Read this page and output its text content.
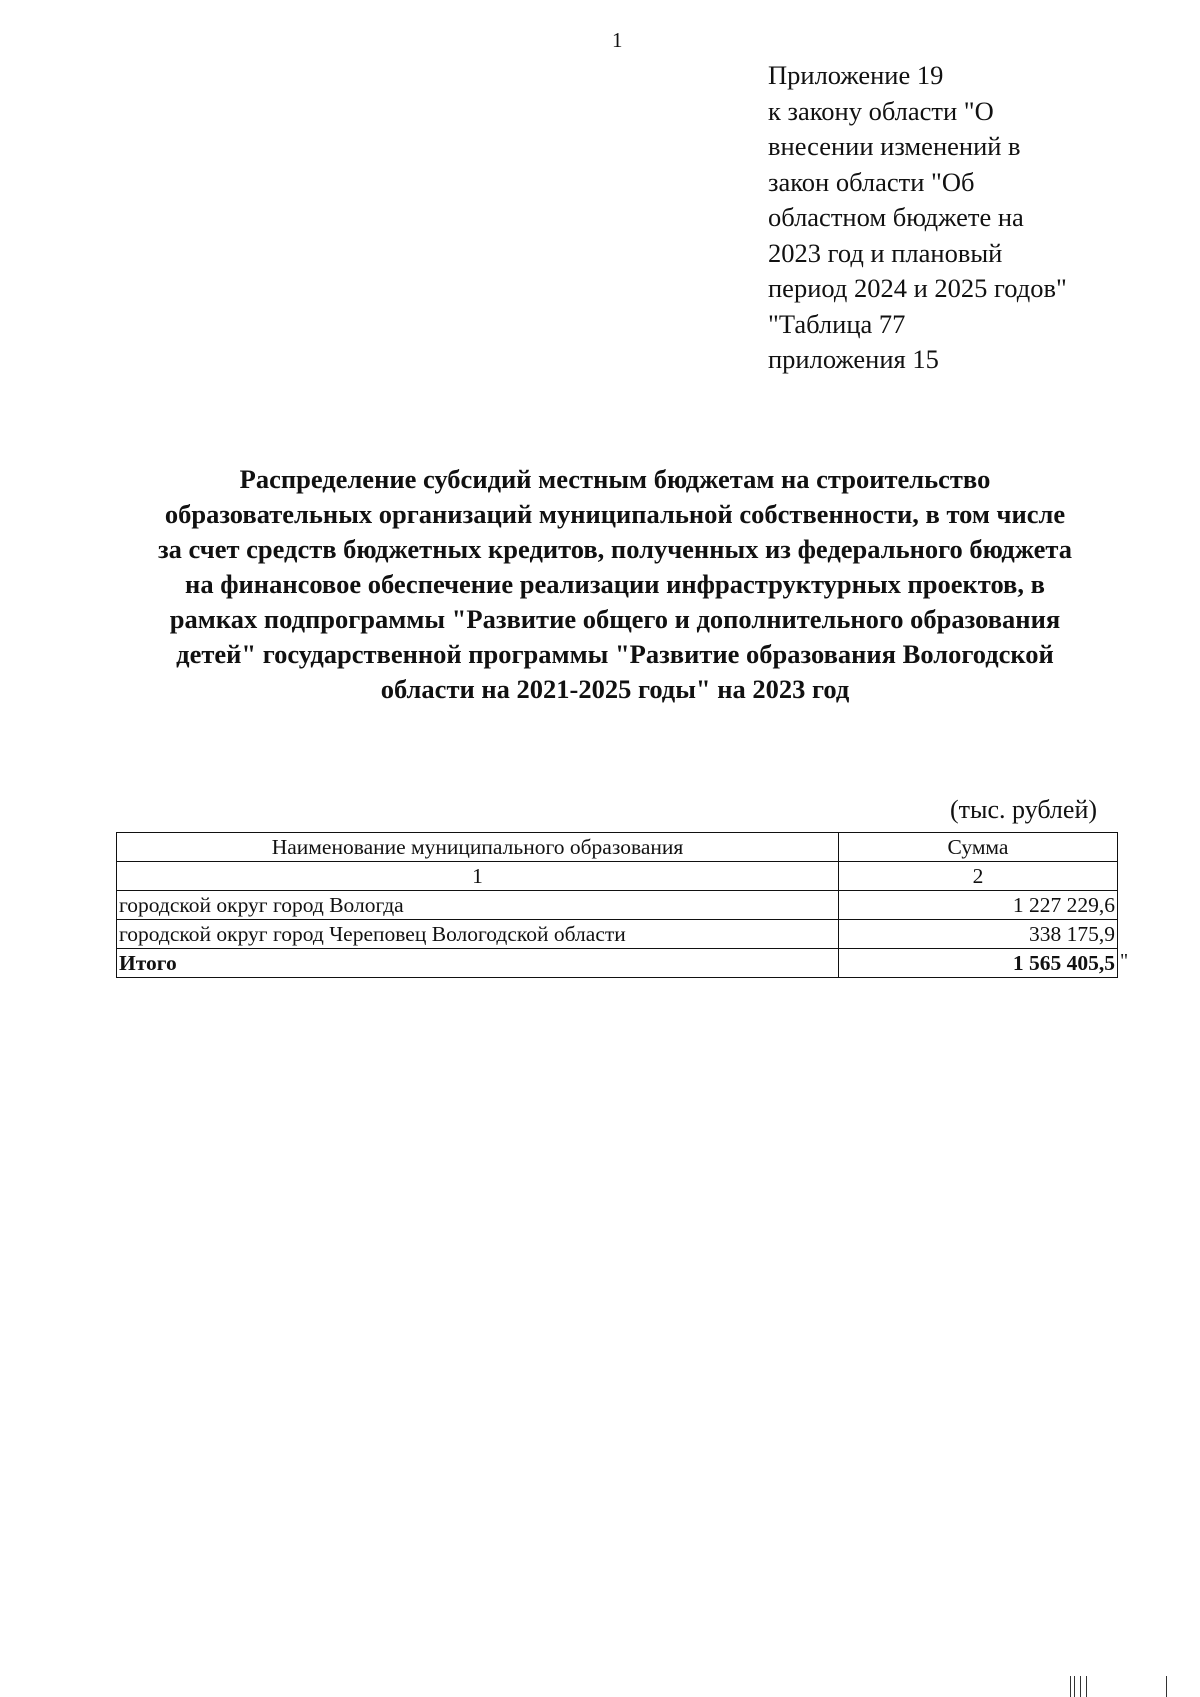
1
Приложение 19
к закону области "О
внесении изменений в
закон области "Об
областном бюджете на
2023 год и плановый
период 2024 и 2025 годов"
"Таблица 77
приложения 15
Распределение субсидий местным бюджетам на строительство
образовательных организаций муниципальной собственности, в том числе
за счет средств бюджетных кредитов, полученных из федерального бюджета
на финансовое обеспечение реализации инфраструктурных проектов, в
рамках подпрограммы "Развитие общего и дополнительного образования
детей" государственной программы "Развитие образования Вологодской
области на 2021-2025 годы" на 2023 год
(тыс. рублей)
Наименование муниципального образования	Сумма
1	2
городской округ город Вологда	1 227 229,6
городской округ город Череповец Вологодской области	338 175,9
Итого	1 565 405,5 "
